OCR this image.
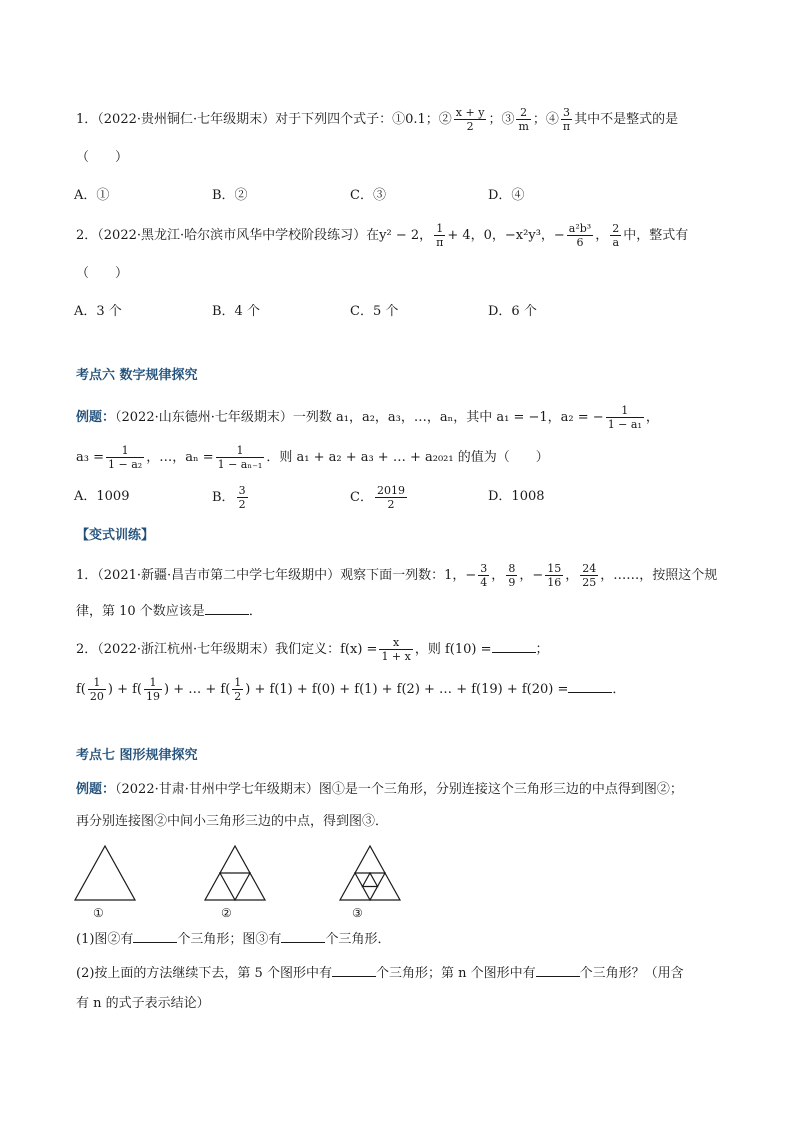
1．（2022·贵州铜仁·七年级期末）对于下列四个式子：①0.1；② $\frac{x + y}{2}$ ；③ $\frac{2}{m}$ ；④ $\frac{3}{\pi}$ 其中不是整式的是
（　　）
A．①	B．②	C．③	D．④
2．（2022·黑龙江·哈尔滨市风华中学校阶段练习）在y² − 2， $\frac{1}{\pi} + 4$，0，−x²y³，− $\frac{\text{a²b³}}{6}$ ， $\frac{2}{a}$ 中，整式有
（　　）
A．3 个	B．4 个	C．5 个	D．6 个
考点六 数字规律探究
例题：（2022·山东德州·七年级期末）一列数 a₁，a₂，a₃，…，aₙ，其中 a₁ = −1，a₂ = − $\frac{1}{\text{1 − a₁}}$ ，
$a_3 = \frac{1}{\text{1 − a₂}}$ ，…，$a_n = \frac{1}{\text{1 − aₙ₋₁}}$ ．则 a₁ + a₂ + a₃ + … + a₂₀₂₁ 的值为（　　）
A．1009	B． $\frac{3}{2}$	C． $\frac{2019}{2}$	D．1008
【变式训练】
1．（2021·新疆·昌吉市第二中学七年级期中）观察下面一列数：1，− $\frac{3}{4}$ ， $\frac{8}{9}$ ，− $\frac{15}{16}$ ， $\frac{24}{25}$ ，……，按照这个规
律，第 10 个数应该是	．
2．（2022·浙江杭州·七年级期末）我们定义：$f(x) = \frac{x}{1 + x}$ ，则 f(10) =	；
$f( \frac{1}{20}$ ) + $f( \frac{1}{19}$ ) + … + $f( \frac{1}{2}$ ) + f(1) + f(0) + f(1) + f(2) + … + f(19) + f(20) =	．
考点七 图形规律探究
例题：（2022·甘肃·甘州中学七年级期末）图①是一个三角形，分别连接这个三角形三边的中点得到图②；
再分别连接图②中间小三角形三边的中点，得到图③．
①	②	③
(1)图②有	个三角形；图③有	个三角形．
(2)按上面的方法继续下去，第 5 个图形中有	个三角形；第 n 个图形中有	个三角形？（用含
有 n 的式子表示结论）
